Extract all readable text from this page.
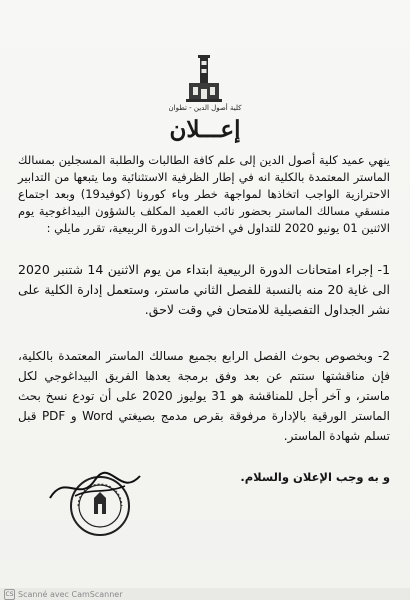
كلية أصول الدين - تطوان
إعـــلان
ينهي عميد كلية أصول الدين إلى علم كافة الطالبات والطلبة المسجلين بمسالك الماستر المعتمدة بالكلية انه في إطار الظرفية الاستثنائية وما يتبعها من التدابير الاحترازية الواجب اتخاذها لمواجهة خطر وباء كورونا (كوفيد19) وبعد اجتماع منسقي مسالك الماستر بحضور نائب العميد المكلف بالشؤون البيداغوجية يوم الاثنين 01 يونيو 2020 للتداول في اختبارات الدورة الربيعية، تقرر مايلي :
1- إجراء امتحانات الدورة الربيعية ابتداء من يوم الاثنين 14 شتنبر 2020 الى غاية 20 منه بالنسبة للفصل الثاني ماستر، وستعمل إدارة الكلية على نشر الجداول التفصيلية للامتحان في وقت لاحق.
2- وبخصوص بحوث الفصل الرابع بجميع مسالك الماستر المعتمدة بالكلية، فإن مناقشتها ستتم عن بعد وفق برمجة يعدها الفريق البيداغوجي لكل ماستر، و آخر أجل للمناقشة هو 31 يوليوز 2020 على أن تودع نسخ بحث الماستر الورقية بالإدارة مرفوقة بقرص مدمج بصيغتي Word و PDF قبل تسلم شهادة الماستر.
و به وجب الإعلان والسلام.
CS Scanné avec CamScanner
